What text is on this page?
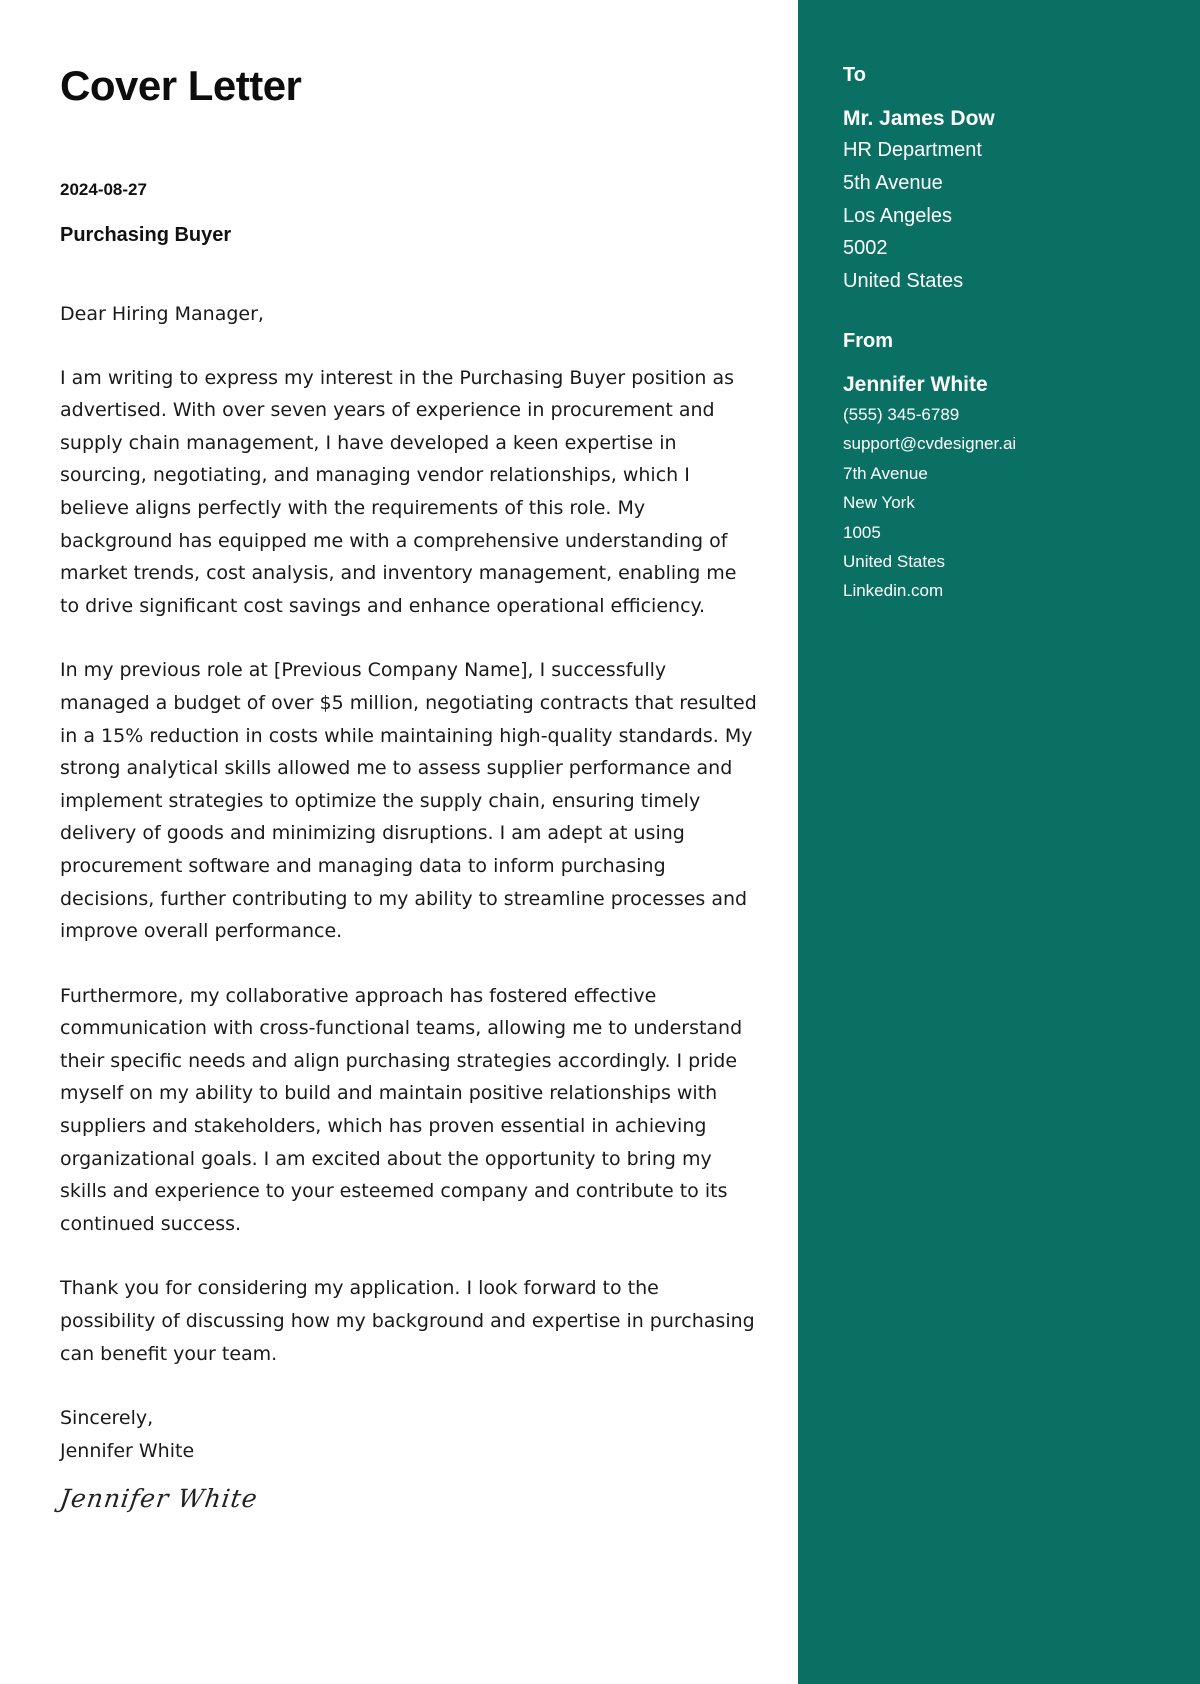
Cover Letter
2024-08-27
Purchasing Buyer

Dear Hiring Manager,

I am writing to express my interest in the Purchasing Buyer position as advertised. With over seven years of experience in procurement and supply chain management, I have developed a keen expertise in sourcing, negotiating, and managing vendor relationships, which I believe aligns perfectly with the requirements of this role. My background has equipped me with a comprehensive understanding of market trends, cost analysis, and inventory management, enabling me to drive significant cost savings and enhance operational efficiency.

In my previous role at [Previous Company Name], I successfully managed a budget of over $5 million, negotiating contracts that resulted in a 15% reduction in costs while maintaining high-quality standards. My strong analytical skills allowed me to assess supplier performance and implement strategies to optimize the supply chain, ensuring timely delivery of goods and minimizing disruptions. I am adept at using procurement software and managing data to inform purchasing decisions, further contributing to my ability to streamline processes and improve overall performance.

Furthermore, my collaborative approach has fostered effective communication with cross-functional teams, allowing me to understand their specific needs and align purchasing strategies accordingly. I pride myself on my ability to build and maintain positive relationships with suppliers and stakeholders, which has proven essential in achieving organizational goals. I am excited about the opportunity to bring my skills and experience to your esteemed company and contribute to its continued success.

Thank you for considering my application. I look forward to the possibility of discussing how my background and expertise in purchasing can benefit your team.

Sincerely,
Jennifer White
Jennifer White
To
Mr. James Dow
HR Department
5th Avenue
Los Angeles
5002
United States
From
Jennifer White
(555) 345-6789
support@cvdesigner.ai
7th Avenue
New York
1005
United States
Linkedin.com
